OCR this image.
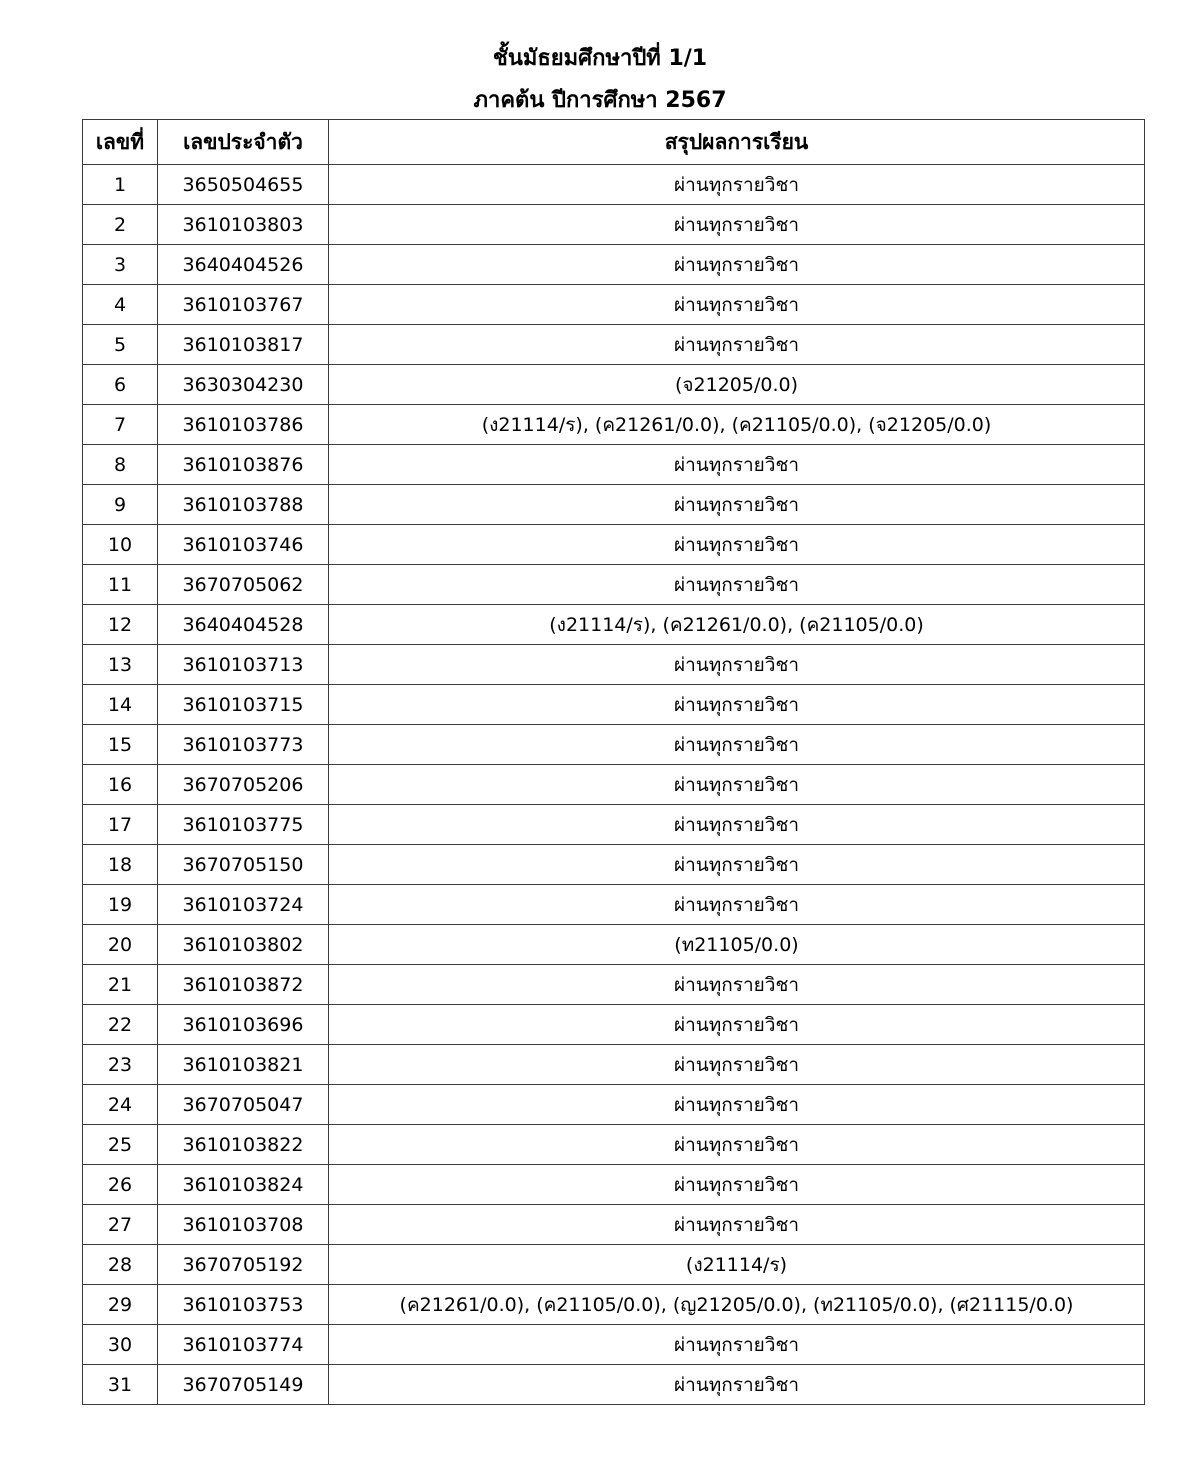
ชั้นมัธยมศึกษาปีที่ 1/1
ภาคต้น ปีการศึกษา 2567
เลขที่	เลขประจำตัว	สรุปผลการเรียน
1	3650504655	ผ่านทุกรายวิชา
2	3610103803	ผ่านทุกรายวิชา
3	3640404526	ผ่านทุกรายวิชา
4	3610103767	ผ่านทุกรายวิชา
5	3610103817	ผ่านทุกรายวิชา
6	3630304230	(จ21205/0.0)
7	3610103786	(ง21114/ร), (ค21261/0.0), (ค21105/0.0), (จ21205/0.0)
8	3610103876	ผ่านทุกรายวิชา
9	3610103788	ผ่านทุกรายวิชา
10	3610103746	ผ่านทุกรายวิชา
11	3670705062	ผ่านทุกรายวิชา
12	3640404528	(ง21114/ร), (ค21261/0.0), (ค21105/0.0)
13	3610103713	ผ่านทุกรายวิชา
14	3610103715	ผ่านทุกรายวิชา
15	3610103773	ผ่านทุกรายวิชา
16	3670705206	ผ่านทุกรายวิชา
17	3610103775	ผ่านทุกรายวิชา
18	3670705150	ผ่านทุกรายวิชา
19	3610103724	ผ่านทุกรายวิชา
20	3610103802	(ท21105/0.0)
21	3610103872	ผ่านทุกรายวิชา
22	3610103696	ผ่านทุกรายวิชา
23	3610103821	ผ่านทุกรายวิชา
24	3670705047	ผ่านทุกรายวิชา
25	3610103822	ผ่านทุกรายวิชา
26	3610103824	ผ่านทุกรายวิชา
27	3610103708	ผ่านทุกรายวิชา
28	3670705192	(ง21114/ร)
29	3610103753	(ค21261/0.0), (ค21105/0.0), (ญ21205/0.0), (ท21105/0.0), (ศ21115/0.0)
30	3610103774	ผ่านทุกรายวิชา
31	3670705149	ผ่านทุกรายวิชา
